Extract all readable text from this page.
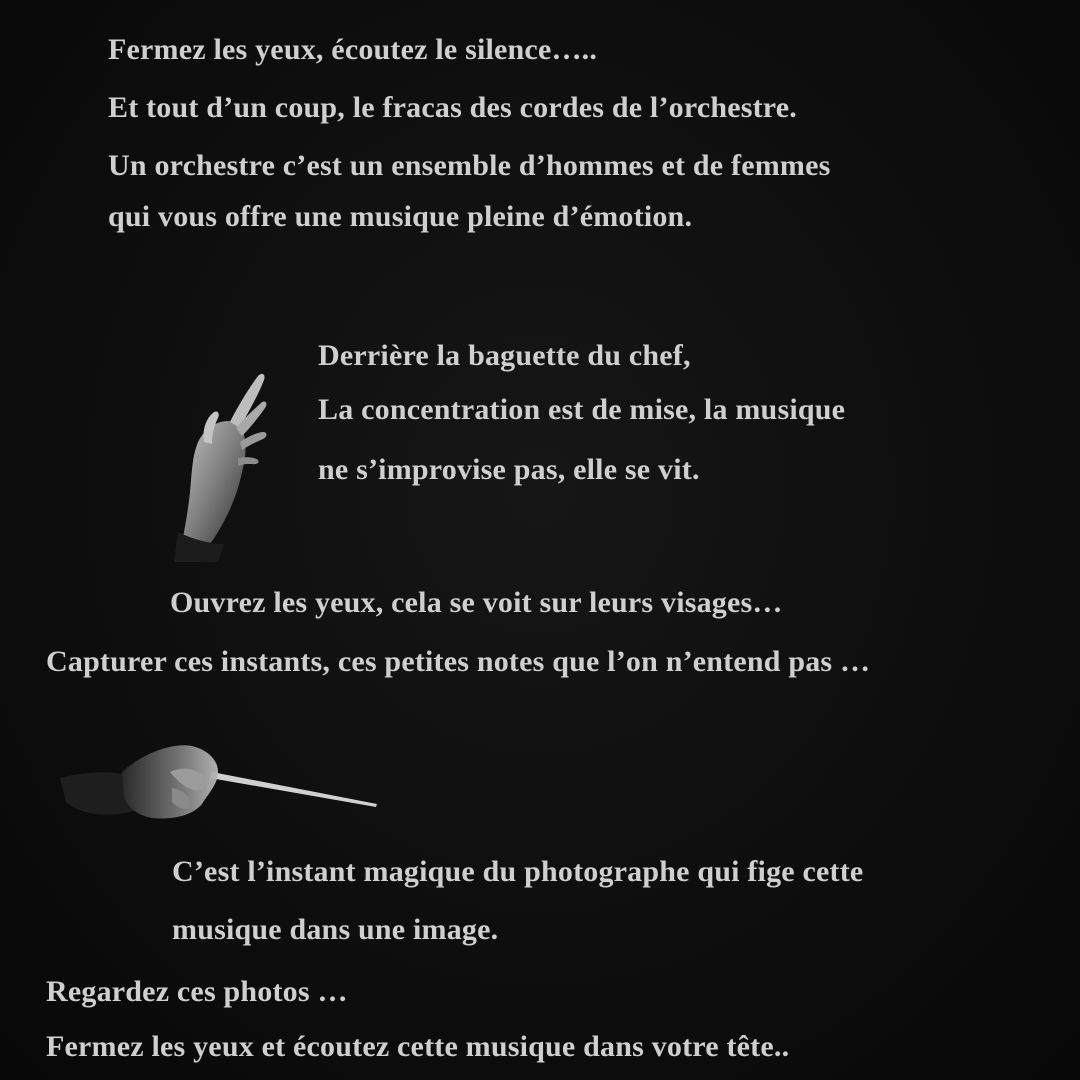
Fermez les yeux, écoutez le silence…..
Et tout d’un coup, le fracas des cordes de l’orchestre.
Un orchestre c’est un ensemble d’hommes et de femmes
qui vous offre une musique pleine d’émotion.
Derrière la baguette du chef,
La concentration est de mise, la musique
ne s’improvise pas, elle se vit.
Ouvrez les yeux, cela se voit sur leurs visages…
Capturer ces instants, ces petites notes que l’on n’entend pas …
C’est l’instant magique du photographe qui fige cette
musique dans une image.
Regardez ces photos …
Fermez les yeux et écoutez cette musique dans votre tête..
